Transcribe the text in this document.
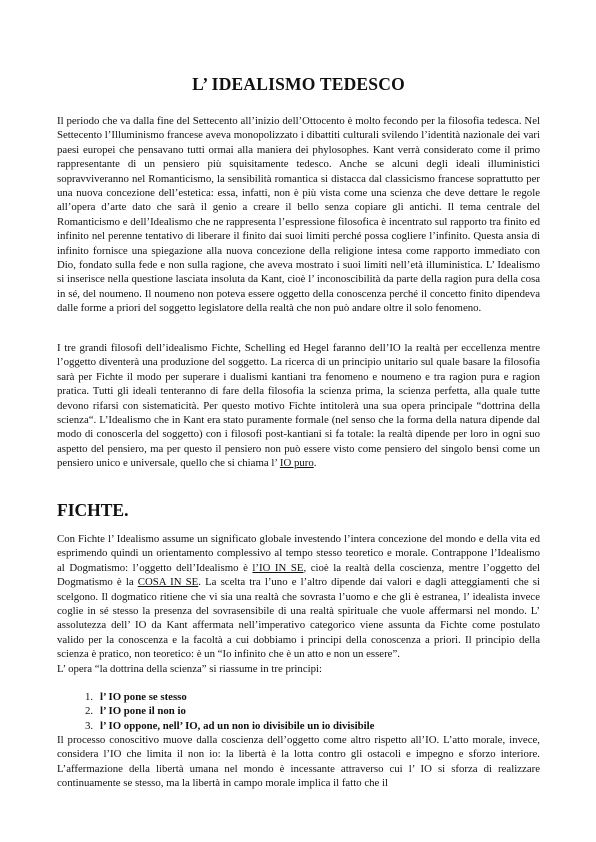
L’ IDEALISMO TEDESCO

Il periodo che va dalla fine del Settecento all’inizio dell’Ottocento è molto fecondo per la filosofia tedesca. Nel Settecento l’Illuminismo francese aveva monopolizzato i dibattiti culturali svilendo l’identità nazionale dei vari paesi europei che pensavano tutti ormai alla maniera dei phylosophes. Kant verrà considerato come il primo rappresentante di un pensiero più squisitamente tedesco. Anche se alcuni degli ideali illuministici sopravviveranno nel Romanticismo, la sensibilità romantica si distacca dal classicismo francese soprattutto per una nuova concezione dell’estetica: essa, infatti, non è più vista come una scienza che deve dettare le regole all’opera d’arte dato che sarà il genio a creare il bello senza copiare gli antichi. Il tema centrale del Romanticismo e dell’Idealismo che ne rappresenta l’espressione filosofica è incentrato sul rapporto tra finito ed infinito nel perenne tentativo di liberare il finito dai suoi limiti perché possa cogliere l’infinito. Questa ansia di infinito fornisce una spiegazione alla nuova concezione della religione intesa come rapporto immediato con Dio, fondato sulla fede e non sulla ragione, che aveva mostrato i suoi limiti nell’età illuministica. L’ Idealismo si inserisce nella questione lasciata insoluta da Kant, cioè l’ inconoscibilità da parte della ragion pura della cosa in sé, del noumeno. Il noumeno non poteva essere oggetto della conoscenza perché il concetto finito dipendeva dalle forme a priori del soggetto legislatore della realtà che non può andare oltre il solo fenomeno.

I tre grandi filosofi dell’idealismo Fichte, Schelling ed Hegel faranno dell’IO la realtà per eccellenza mentre l’oggetto diventerà una produzione del soggetto. La ricerca di un principio unitario sul quale basare la filosofia sarà per Fichte il modo per superare i dualismi kantiani tra fenomeno e noumeno e tra ragion pura e ragion pratica. Tutti gli ideali tenteranno di fare della filosofia la scienza prima, la scienza perfetta, alla quale tutte devono rifarsi con sistematicità. Per questo motivo Fichte intitolerà una sua opera principale “dottrina della scienza“. L’Idealismo che in Kant era stato puramente formale (nel senso che la forma della natura dipende dal modo di conoscerla del soggetto) con i filosofi post-kantiani si fa totale: la realtà dipende per loro in ogni suo aspetto del pensiero, ma per questo il pensiero non può essere visto come pensiero del singolo bensì come un pensiero unico e universale, quello che si chiama l’ IO puro.

FICHTE.

Con Fichte l’ Idealismo assume un significato globale investendo l’intera concezione del mondo e della vita ed esprimendo quindi un orientamento complessivo al tempo stesso teoretico e morale. Contrappone l’Idealismo al Dogmatismo: l’oggetto dell’Idealismo è l’IO IN SE, cioè la realtà della coscienza, mentre l’oggetto del Dogmatismo è la COSA IN SE. La scelta tra l’uno e l’altro dipende dai valori e dagli atteggiamenti che si scelgono. Il dogmatico ritiene che vi sia una realtà che sovrasta l’uomo e che gli è estranea, l’ idealista invece coglie in sé stesso la presenza del sovrasensibile di una realtà spirituale che vuole affermarsi nel mondo. L’ assolutezza dell’ IO da Kant affermata nell’imperativo categorico viene assunta da Fichte come postulato valido per la conoscenza e la facoltà a cui dobbiamo i principi della conoscenza a priori. Il principio della scienza è pratico, non teoretico: è un “Io infinito che è un atto e non un essere”.
L’ opera “la dottrina della scienza” si riassume in tre principi:

1. l’ IO pone se stesso
2. l’ IO pone il non io
3. l’ IO oppone, nell’ IO, ad un non io divisibile un io divisibile

Il processo conoscitivo muove dalla coscienza dell’oggetto come altro rispetto all’IO. L’atto morale, invece, considera l’IO che limita il non io: la libertà è la lotta contro gli ostacoli e impegno e sforzo interiore. L’affermazione della libertà umana nel mondo è incessante attraverso cui l’ IO si sforza di realizzare continuamente se stesso, ma la libertà in campo morale implica il fatto che il
